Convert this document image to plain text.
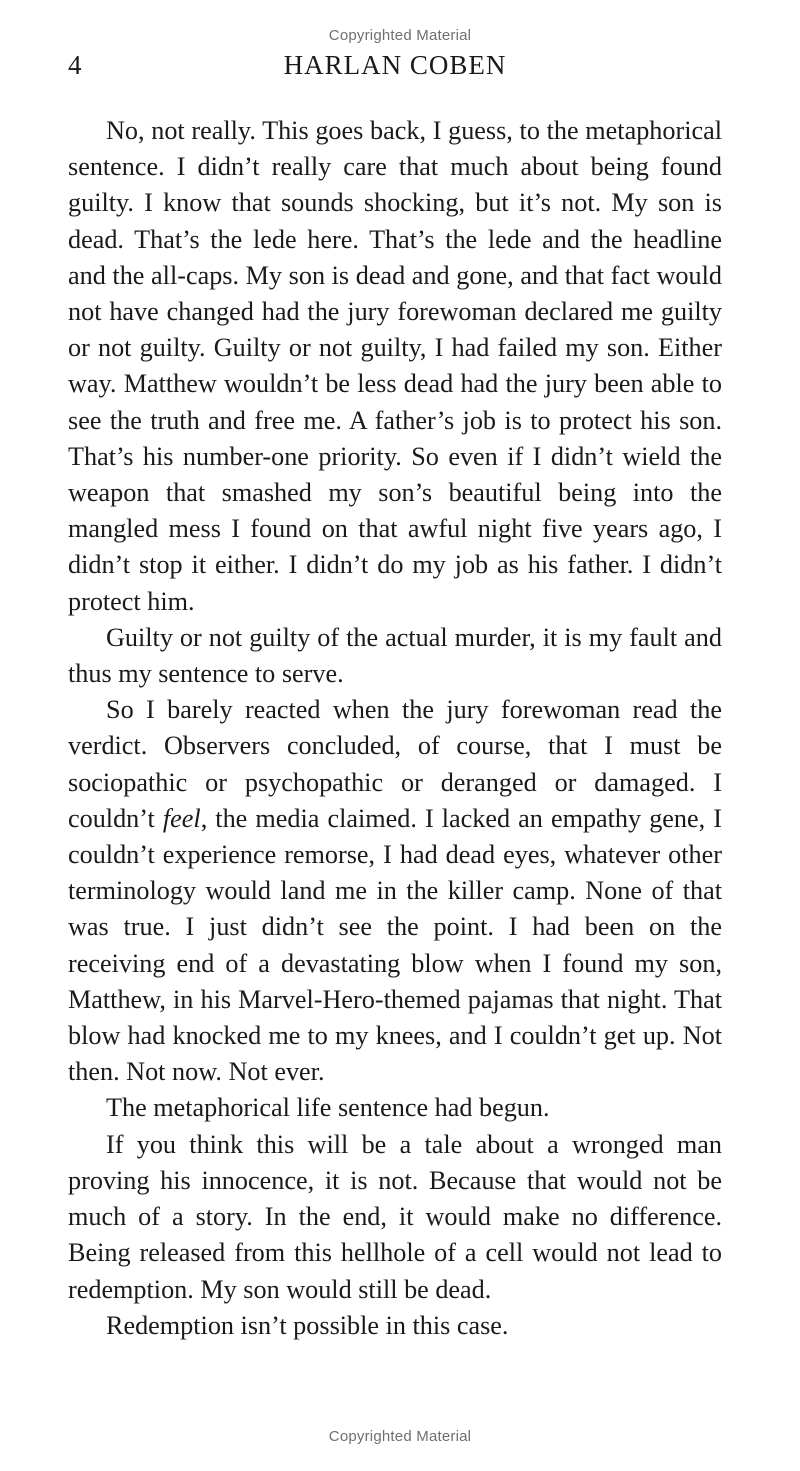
Copyrighted Material
4	HARLAN COBEN

No, not really. This goes back, I guess, to the metaphorical sentence. I didn’t really care that much about being found guilty. I know that sounds shocking, but it’s not. My son is dead. That’s the lede here. That’s the lede and the headline and the all-caps. My son is dead and gone, and that fact would not have changed had the jury forewoman declared me guilty or not guilty. Guilty or not guilty, I had failed my son. Either way. Matthew wouldn’t be less dead had the jury been able to see the truth and free me. A father’s job is to protect his son. That’s his number-one priority. So even if I didn’t wield the weapon that smashed my son’s beautiful being into the mangled mess I found on that awful night five years ago, I didn’t stop it either. I didn’t do my job as his father. I didn’t protect him.

Guilty or not guilty of the actual murder, it is my fault and thus my sentence to serve.

So I barely reacted when the jury forewoman read the verdict. Observers concluded, of course, that I must be sociopathic or psychopathic or deranged or damaged. I couldn’t feel, the media claimed. I lacked an empathy gene, I couldn’t experience remorse, I had dead eyes, whatever other terminology would land me in the killer camp. None of that was true. I just didn’t see the point. I had been on the receiving end of a devastating blow when I found my son, Matthew, in his Marvel-Hero-themed pajamas that night. That blow had knocked me to my knees, and I couldn’t get up. Not then. Not now. Not ever.

The metaphorical life sentence had begun.

If you think this will be a tale about a wronged man proving his innocence, it is not. Because that would not be much of a story. In the end, it would make no difference. Being released from this hellhole of a cell would not lead to redemption. My son would still be dead.

Redemption isn’t possible in this case.

Copyrighted Material
